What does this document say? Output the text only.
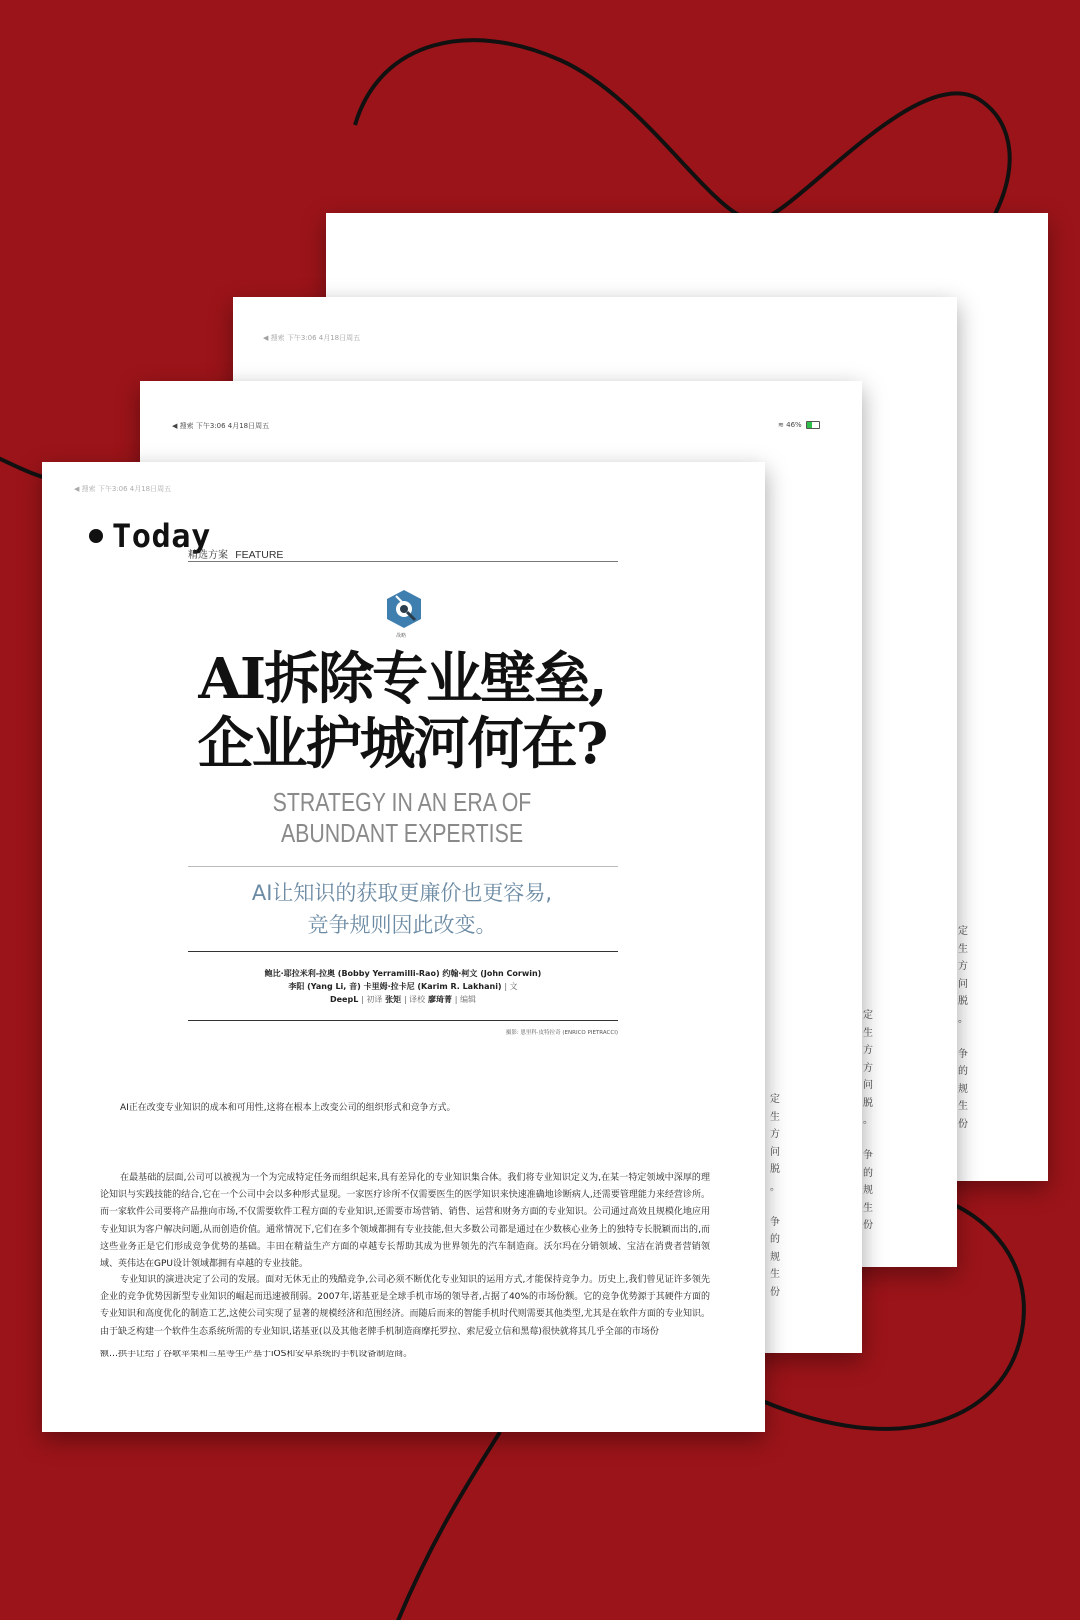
定
生
方
问
脱
。

争
的
规
生
份
◀ 搜索 下午3:06 4月18日周五
定
生
方
方
问
脱
。

争
的
规
生
份
◀ 搜索 下午3:06 4月18日周五	≋ 46%
定
生
方
问
脱
。

争
的
规
生
份
◀ 搜索 下午3:06 4月18日周五
Today
精选方案 FEATURE
战略
AI拆除专业壁垒,
企业护城河何在?
STRATEGY IN AN ERA OF
ABUNDANT EXPERTISE
AI让知识的获取更廉价也更容易,
竞争规则因此改变。
鲍比·耶拉米利-拉奥 (Bobby Yerramilli-Rao) 约翰·柯文 (John Corwin)
李阳 (Yang Li, 音) 卡里姆·拉卡尼 (Karim R. Lakhani) | 文
DeepL | 初译 张矩 | 译校 廖琦菁 | 编辑
摄影: 恩里科·皮特拉奇 (ENRICO PIETRACCI)
AI正在改变专业知识的成本和可用性,这将在根本上改变公司的组织形式和竞争方式。
在最基础的层面,公司可以被视为一个为完成特定任务而组织起来,具有差异化的专业知识集合体。我们将专业知识定义为,在某一特定领域中深厚的理论知识与实践技能的结合,它在一个公司中会以多种形式显现。一家医疗诊所不仅需要医生的医学知识来快速准确地诊断病人,还需要管理能力来经营诊所。而一家软件公司要将产品推向市场,不仅需要软件工程方面的专业知识,还需要市场营销、销售、运营和财务方面的专业知识。公司通过高效且规模化地应用专业知识为客户解决问题,从而创造价值。通常情况下,它们在多个领域都拥有专业技能,但大多数公司都是通过在少数核心业务上的独特专长脱颖而出的,而这些业务正是它们形成竞争优势的基础。丰田在精益生产方面的卓越专长帮助其成为世界领先的汽车制造商。沃尔玛在分销领域、宝洁在消费者营销领域、英伟达在GPU设计领域都拥有卓越的专业技能。
专业知识的演进决定了公司的发展。面对无休无止的残酷竞争,公司必须不断优化专业知识的运用方式,才能保持竞争力。历史上,我们曾见证许多领先企业的竞争优势因新型专业知识的崛起而迅速被削弱。2007年,诺基亚是全球手机市场的领导者,占据了40%的市场份额。它的竞争优势源于其硬件方面的专业知识和高度优化的制造工艺,这使公司实现了显著的规模经济和范围经济。而随后而来的智能手机时代则需要其他类型,尤其是在软件方面的专业知识。由于缺乏构建一个软件生态系统所需的专业知识,诺基亚(以及其他老牌手机制造商摩托罗拉、索尼爱立信和黑莓)很快就将其几乎全部的市场份
额…拱手让给了谷歌苹果和三星等生产基于iOS和安卓系统的手机设备制造商。
